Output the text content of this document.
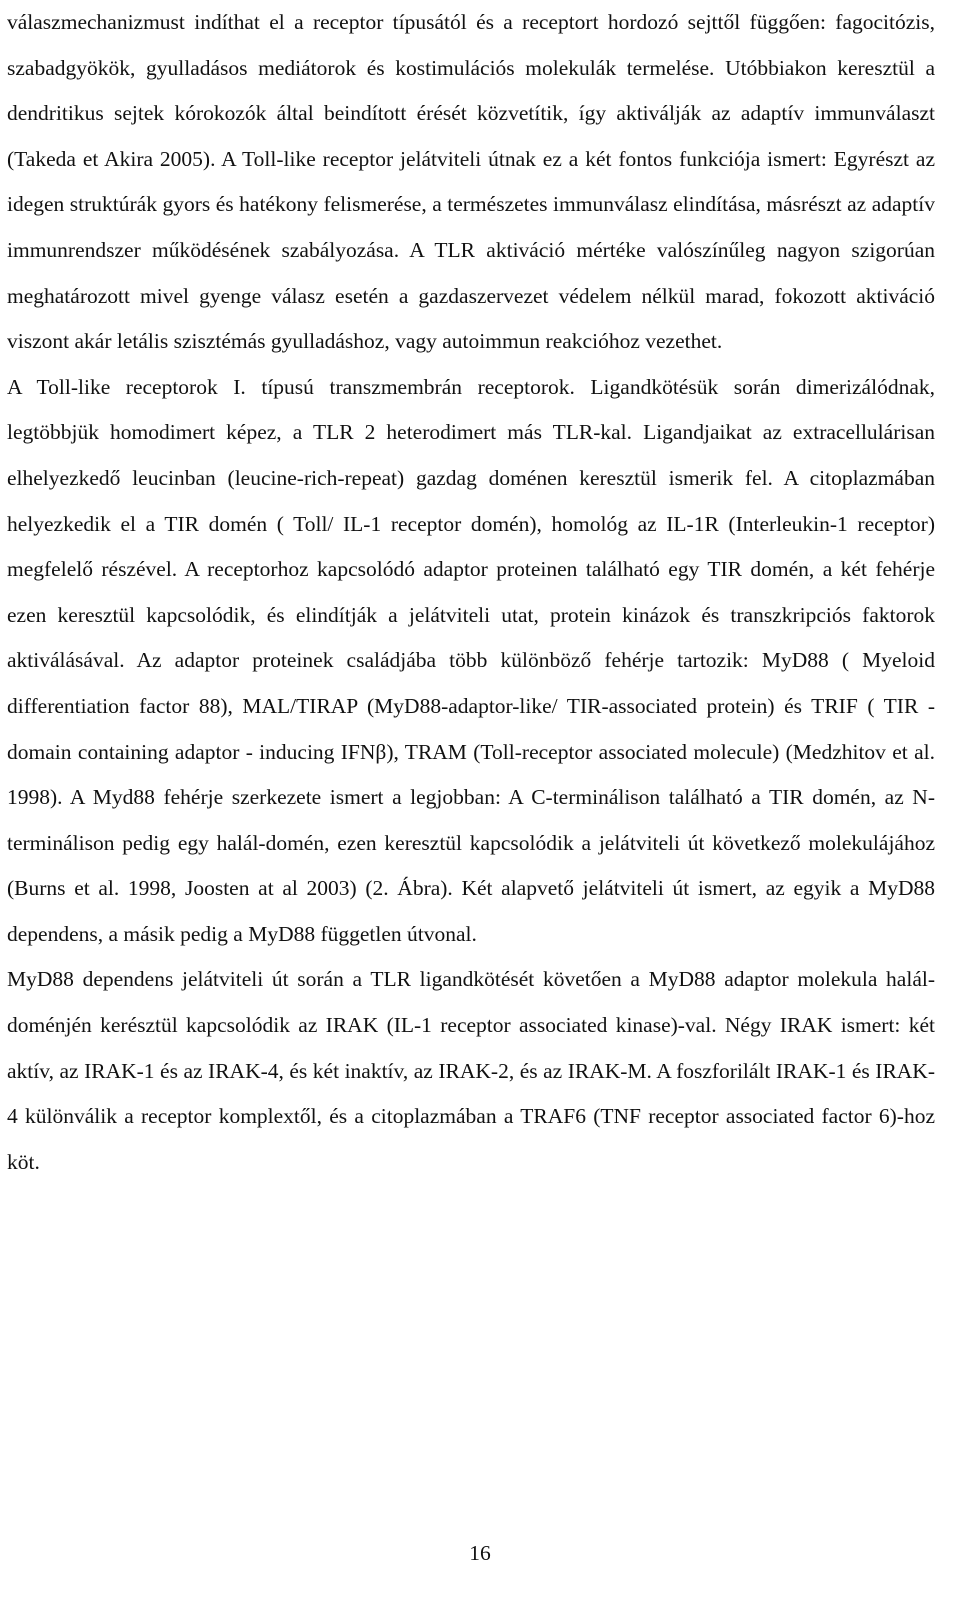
válaszmechanizmust indíthat el a receptor típusától és a receptort hordozó sejttől függően: fagocitózis, szabadgyökök, gyulladásos mediátorok és kostimulációs molekulák termelése. Utóbbiakon keresztül a dendritikus sejtek kórokozók által beindított érését közvetítik, így aktiválják az adaptív immunválaszt (Takeda et Akira 2005). A Toll-like receptor jelátviteli útnak ez a két fontos funkciója ismert: Egyrészt az idegen struktúrák gyors és hatékony felismerése, a természetes immunválasz elindítása, másrészt az adaptív immunrendszer működésének szabályozása. A TLR aktiváció mértéke valószínűleg nagyon szigorúan meghatározott mivel gyenge válasz esetén a gazdaszervezet védelem nélkül marad, fokozott aktiváció viszont akár letális szisztémás gyulladáshoz, vagy autoimmun reakcióhoz vezethet.

A Toll-like receptorok I. típusú transzmembrán receptorok. Ligandkötésük során dimerizálódnak, legtöbbjük homodimert képez, a TLR 2 heterodimert más TLR-kal. Ligandjaikat az extracellulárisan elhelyezkedő leucinban (leucine-rich-repeat) gazdag doménen keresztül ismerik fel. A citoplazmában helyezkedik el a TIR domén ( Toll/ IL-1 receptor domén), homológ az IL-1R (Interleukin-1 receptor) megfelelő részével. A receptorhoz kapcsolódó adaptor proteinen található egy TIR domén, a két fehérje ezen keresztül kapcsolódik, és elindítják a jelátviteli utat, protein kinázok és transzkripciós faktorok aktiválásával. Az adaptor proteinek családjába több különböző fehérje tartozik: MyD88 ( Myeloid differentiation factor 88), MAL/TIRAP (MyD88-adaptor-like/ TIR-associated protein) és TRIF ( TIR -domain containing adaptor - inducing IFNβ), TRAM (Toll-receptor associated molecule) (Medzhitov et al. 1998). A Myd88 fehérje szerkezete ismert a legjobban: A C-terminálison található a TIR domén, az N-terminálison pedig egy halál-domén, ezen keresztül kapcsolódik a jelátviteli út következő molekulájához (Burns et al. 1998, Joosten at al 2003) (2. Ábra). Két alapvető jelátviteli út ismert, az egyik a MyD88 dependens, a másik pedig a MyD88 független útvonal.

MyD88 dependens jelátviteli út során a TLR ligandkötését követően a MyD88 adaptor molekula halál-doménjén kerésztül kapcsolódik az IRAK (IL-1 receptor associated kinase)-val. Négy IRAK ismert: két aktív, az IRAK-1 és az IRAK-4, és két inaktív, az IRAK-2, és az IRAK-M. A foszforilált IRAK-1 és IRAK-4 különválik a receptor komplextől, és a citoplazmában a TRAF6 (TNF receptor associated factor 6)-hoz köt.

16
